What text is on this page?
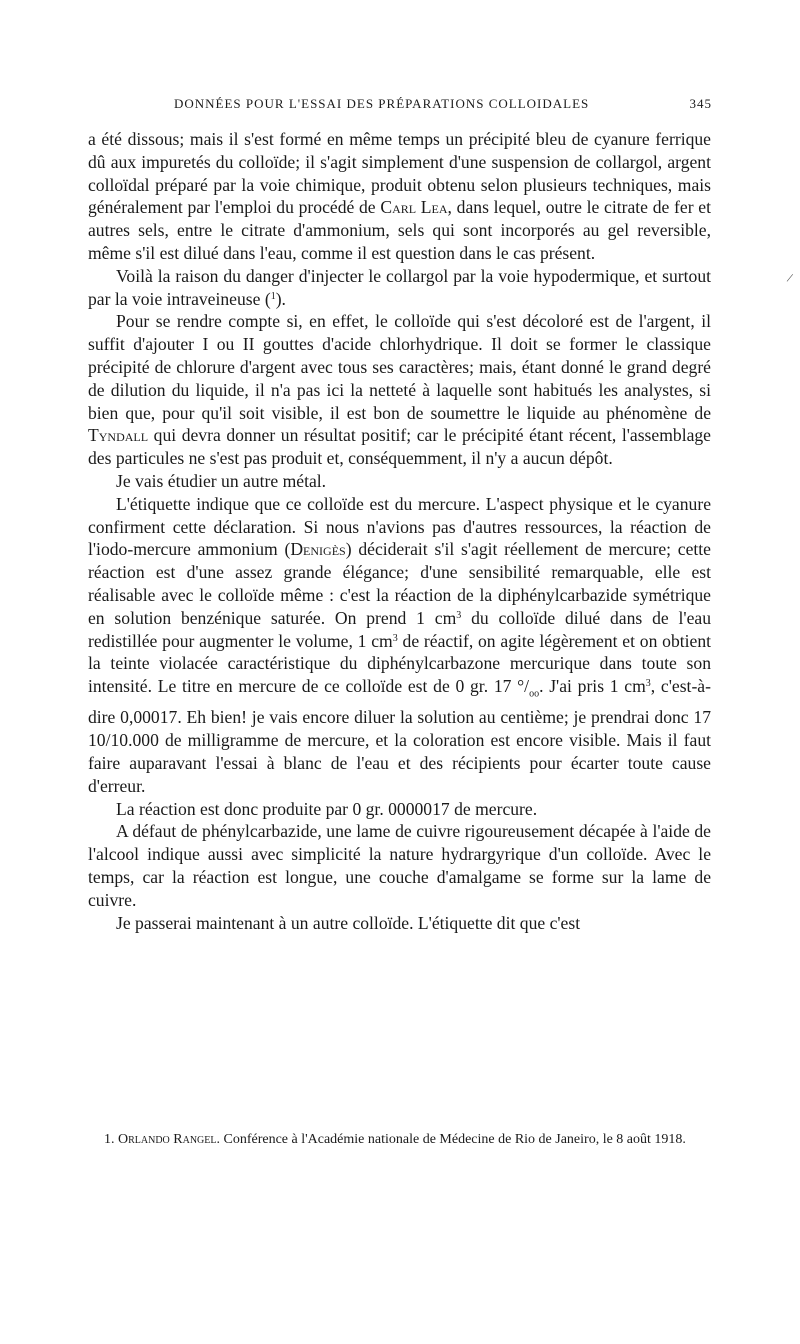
DONNÉES POUR L'ESSAI DES PRÉPARATIONS COLLOIDALES	345

a été dissous; mais il s'est formé en même temps un précipité bleu de cyanure ferrique dû aux impuretés du colloïde; il s'agit simplement d'une suspension de collargol, argent colloïdal préparé par la voie chimique, produit obtenu selon plusieurs techniques, mais généralement par l'emploi du procédé de Carl Lea, dans lequel, outre le citrate de fer et autres sels, entre le citrate d'ammonium, sels qui sont incorporés au gel reversible, même s'il est dilué dans l'eau, comme il est question dans le cas présent.

Voilà la raison du danger d'injecter le collargol par la voie hypodermique, et surtout par la voie intraveineuse ($^1$).

Pour se rendre compte si, en effet, le colloïde qui s'est décoloré est de l'argent, il suffit d'ajouter I ou II gouttes d'acide chlorhydrique. Il doit se former le classique précipité de chlorure d'argent avec tous ses caractères; mais, étant donné le grand degré de dilution du liquide, il n'a pas ici la netteté à laquelle sont habitués les analystes, si bien que, pour qu'il soit visible, il est bon de soumettre le liquide au phénomène de Tyndall qui devra donner un résultat positif; car le précipité étant récent, l'assemblage des particules ne s'est pas produit et, conséquemment, il n'y a aucun dépôt.

Je vais étudier un autre métal.

L'étiquette indique que ce colloïde est du mercure. L'aspect physique et le cyanure confirment cette déclaration. Si nous n'avions pas d'autres ressources, la réaction de l'iodo-mercure ammonium (Denigès) déciderait s'il s'agit réellement de mercure; cette réaction est d'une assez grande élégance; d'une sensibilité remarquable, elle est réalisable avec le colloïde même : c'est la réaction de la diphénylcarbazide symétrique en solution benzénique saturée. On prend 1 $cm^3$ du colloïde dilué dans de l'eau redistillée pour augmenter le volume, 1 $cm^3$ de réactif, on agite légèrement et on obtient la teinte violacée caractéristique du diphénylcarbazone mercurique dans toute son intensité. Le titre en mercure de ce colloïde est de 0 gr. 17 $^\circ/_{oo}$. J'ai pris 1 $cm^3$, c'est-à-dire 0,00017. Eh bien! je vais encore diluer la solution au centième; je prendrai donc 17 10/10.000 de milligramme de mercure, et la coloration est encore visible. Mais il faut faire auparavant l'essai à blanc de l'eau et des récipients pour écarter toute cause d'erreur.

La réaction est donc produite par 0 gr. 0000017 de mercure.

A défaut de phénylcarbazide, une lame de cuivre rigoureusement décapée à l'aide de l'alcool indique aussi avec simplicité la nature hydrargyrique d'un colloïde. Avec le temps, car la réaction est longue, une couche d'amalgame se forme sur la lame de cuivre.

Je passerai maintenant à un autre colloïde. L'étiquette dit que c'est

1. Orlando Rangel. Conférence à l'Académie nationale de Médecine de Rio de Janeiro, le 8 août 1918.

/
